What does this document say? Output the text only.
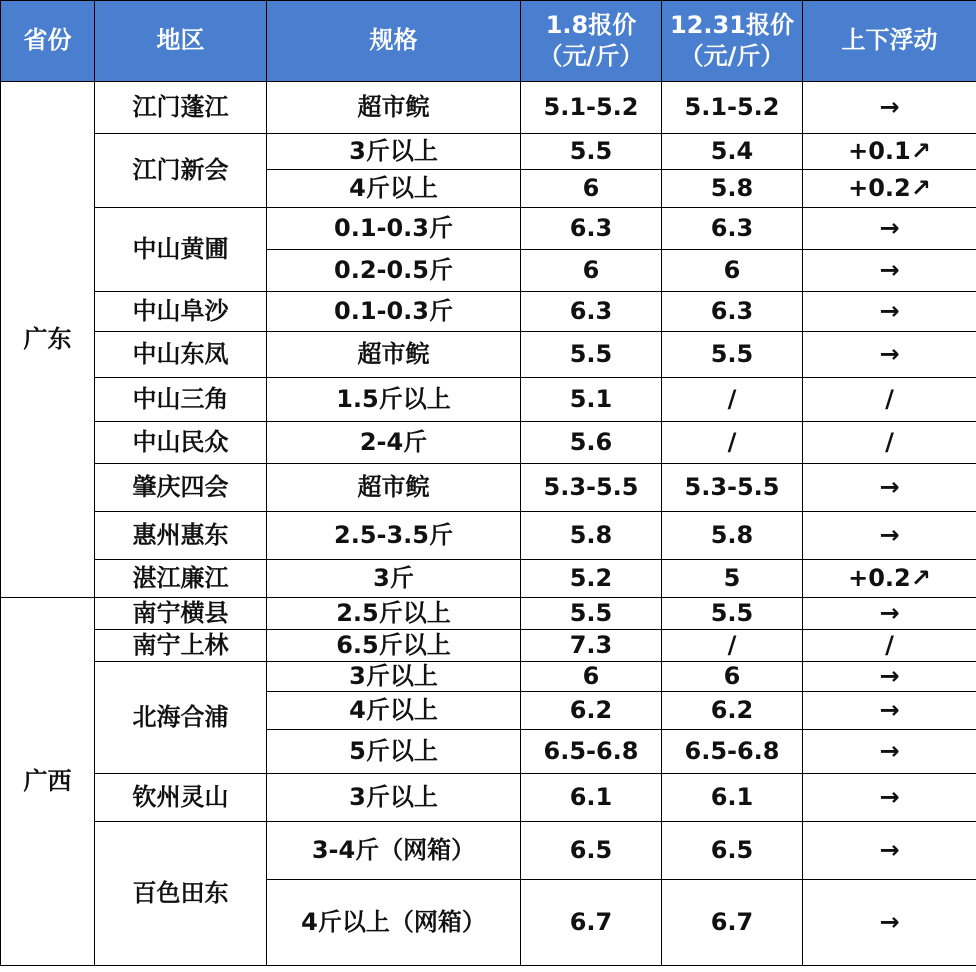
省份	地区	规格	1.8报价（元/斤）	12.31报价（元/斤）	上下浮动
广东	江门蓬江	超市鲩	5.1-5.2	5.1-5.2	→
	江门新会	3斤以上	5.5	5.4	+0.1↗
		4斤以上	6	5.8	+0.2↗
	中山黄圃	0.1-0.3斤	6.3	6.3	→
		0.2-0.5斤	6	6	→
	中山阜沙	0.1-0.3斤	6.3	6.3	→
	中山东凤	超市鲩	5.5	5.5	→
	中山三角	1.5斤以上	5.1	/	/
	中山民众	2-4斤	5.6	/	/
	肇庆四会	超市鲩	5.3-5.5	5.3-5.5	→
	惠州惠东	2.5-3.5斤	5.8	5.8	→
	湛江廉江	3斤	5.2	5	+0.2↗
广西	南宁横县	2.5斤以上	5.5	5.5	→
	南宁上林	6.5斤以上	7.3	/	/
	北海合浦	3斤以上	6	6	→
		4斤以上	6.2	6.2	→
		5斤以上	6.5-6.8	6.5-6.8	→
	钦州灵山	3斤以上	6.1	6.1	→
	百色田东	3-4斤（网箱）	6.5	6.5	→
		4斤以上（网箱）	6.7	6.7	→
